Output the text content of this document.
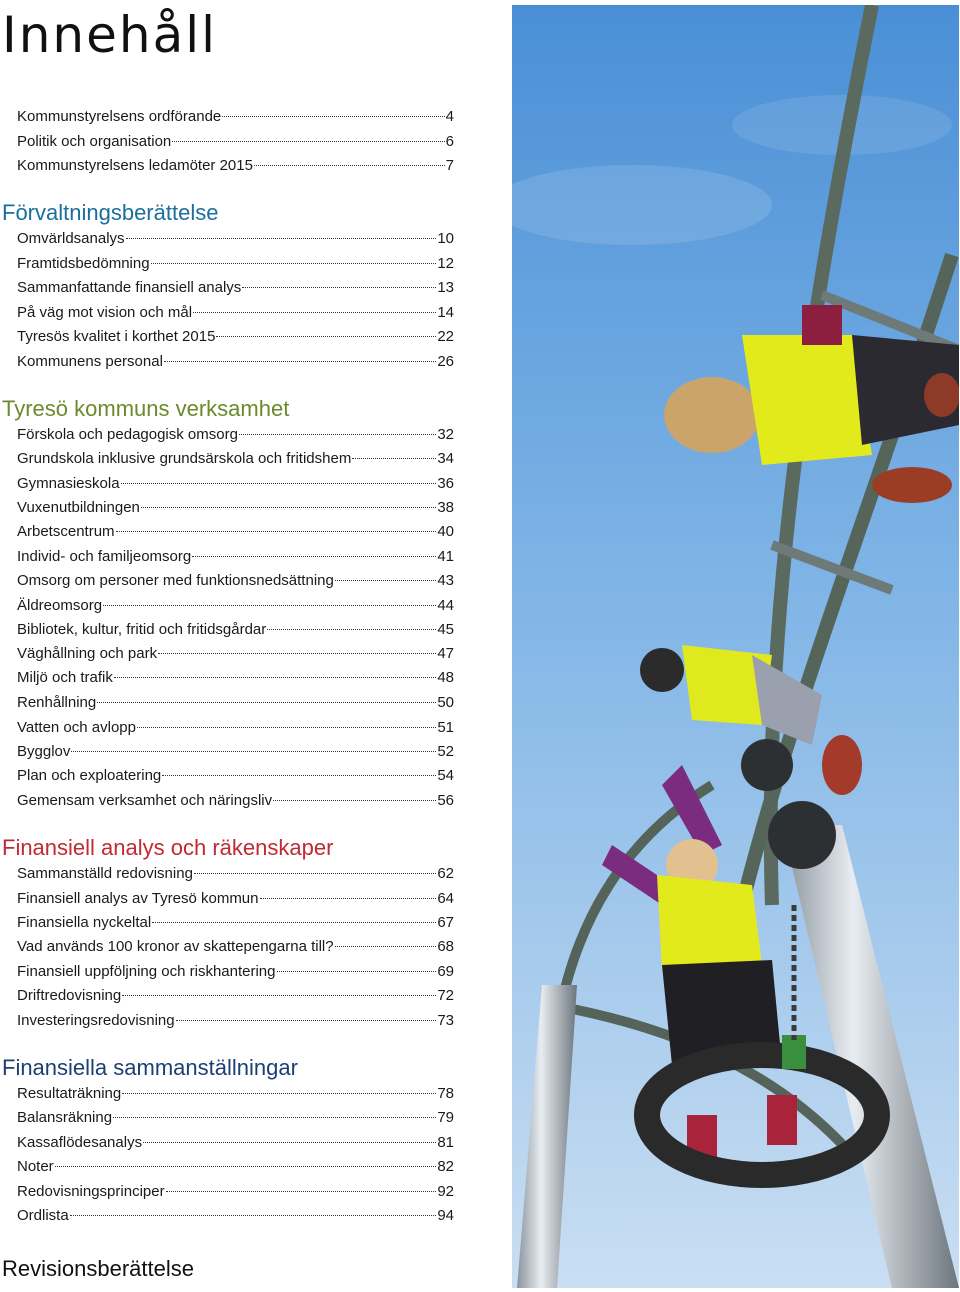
Innehåll
Kommunstyrelsens ordförande	4
Politik och organisation	6
Kommunstyrelsens ledamöter 2015	7
Förvaltningsberättelse
Omvärldsanalys	10
Framtidsbedömning	12
Sammanfattande finansiell analys	13
På väg mot vision och mål	14
Tyresös kvalitet i korthet 2015	22
Kommunens personal	26
Tyresö kommuns verksamhet
Förskola och pedagogisk omsorg	32
Grundskola inklusive grundsärskola och fritidshem	34
Gymnasieskola	36
Vuxenutbildningen	38
Arbetscentrum	40
Individ- och familjeomsorg	41
Omsorg om personer med funktionsnedsättning	43
Äldreomsorg	44
Bibliotek, kultur, fritid och fritidsgårdar	45
Väghållning och park	47
Miljö och trafik	48
Renhållning	50
Vatten och avlopp	51
Bygglov	52
Plan och exploatering	54
Gemensam verksamhet och näringsliv	56
Finansiell analys och räkenskaper
Sammanställd redovisning	62
Finansiell analys av Tyresö kommun	64
Finansiella nyckeltal	67
Vad används 100 kronor av skattepengarna till?	68
Finansiell uppföljning och riskhantering	69
Driftredovisning	72
Investeringsredovisning	73
Finansiella sammanställningar
Resultaträkning	78
Balansräkning	79
Kassaflödesanalys	81
Noter	82
Redovisningsprinciper	92
Ordlista	94
Revisionsberättelse
